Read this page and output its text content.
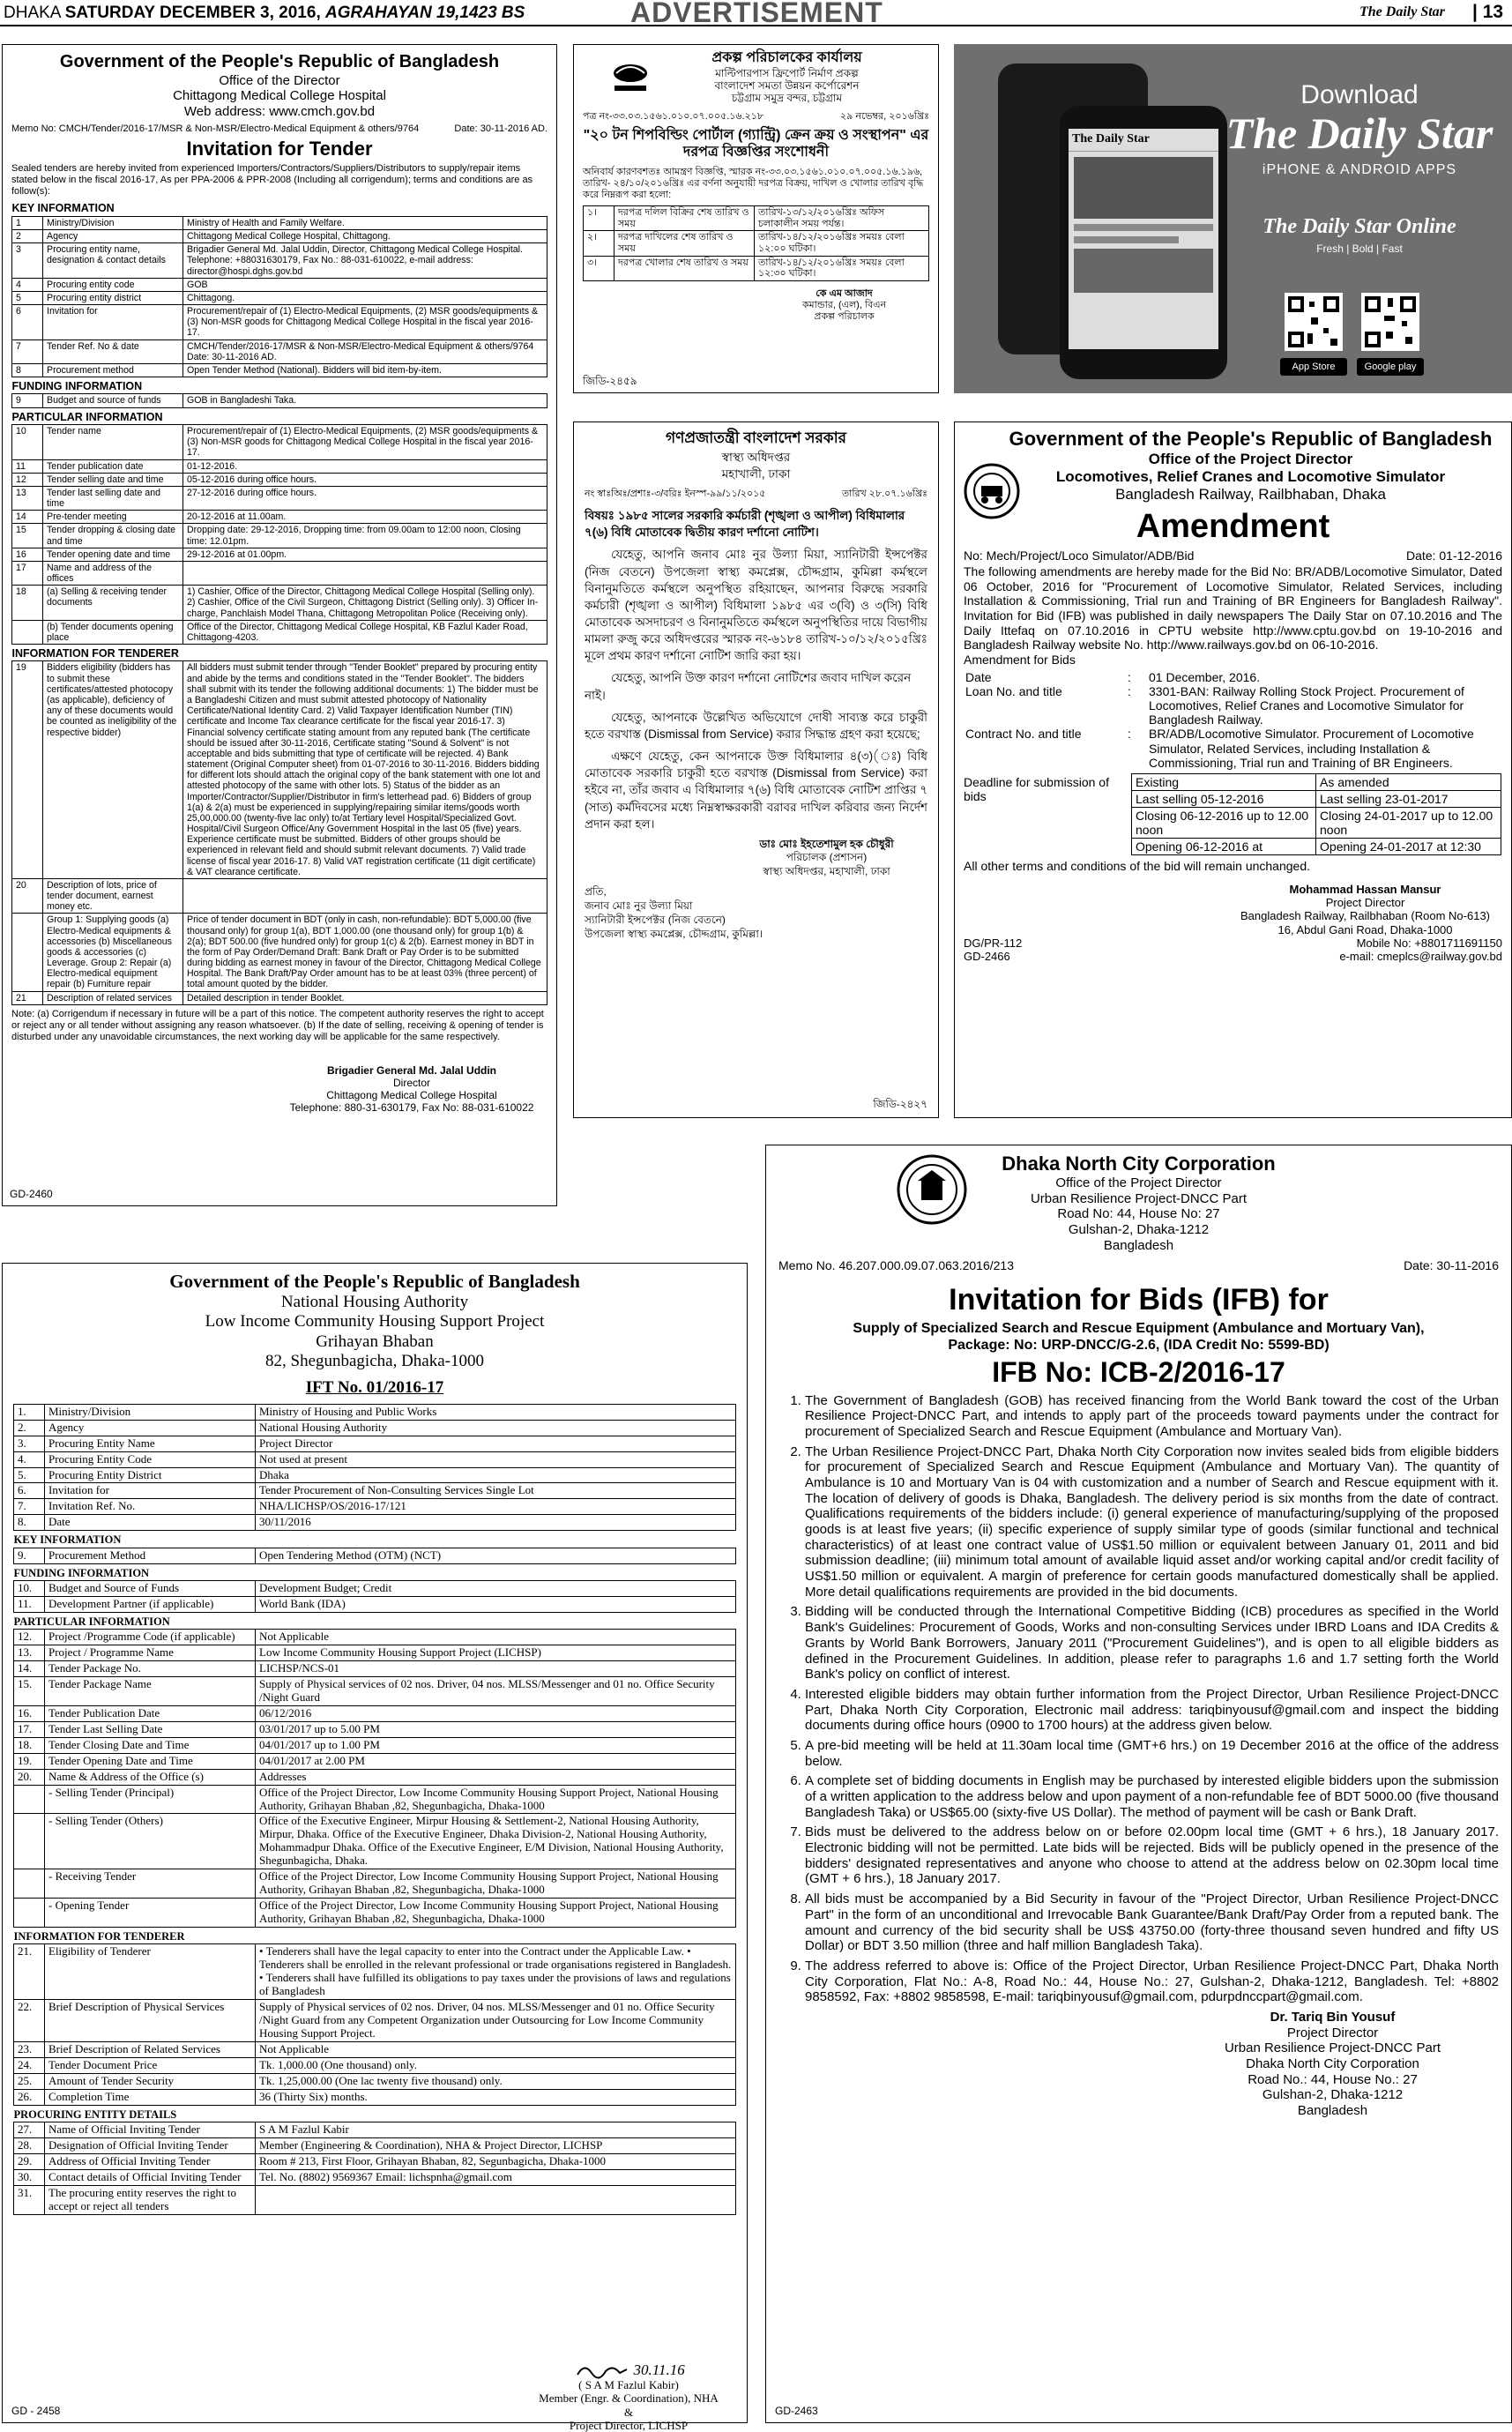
DHAKA SATURDAY DECEMBER 3, 2016, AGRAHAYAN 19,1423 BS	ADVERTISEMENT	The Daily Star | 13
Government of the People's Republic of Bangladesh
Office of the Director
Chittagong Medical College Hospital
Web address: www.cmch.gov.bd
Memo No: CMCH/Tender/2016-17/MSR & Non-MSR/Electro-Medical Equipment & others/9764	Date: 30-11-2016 AD.
Invitation for Tender
Sealed tenders are hereby invited from experienced Importers/Contractors/Suppliers/Distributors to supply/repair items stated below in the fiscal 2016-17, As per PPA-2006 & PPR-2008 (Including all corrigendum); terms and conditions are as follow(s):
KEY INFORMATION		
1	Ministry/Division	Ministry of Health and Family Welfare.
2	Agency	Chittagong Medical College Hospital, Chittagong.
3	Procuring entity name, designation & contact details	Brigadier General Md. Jalal Uddin, Director, Chittagong Medical College Hospital. Telephone: +88031630179, Fax No.: 88-031-610022, e-mail address: director@hospi.dghs.gov.bd
4	Procuring entity code	GOB
5	Procuring entity district	Chittagong.
6	Invitation for	Procurement/repair of (1) Electro-Medical Equipments, (2) MSR goods/equipments & (3) Non-MSR goods for Chittagong Medical College Hospital in the fiscal year 2016-17.
7	Tender Ref. No & date	CMCH/Tender/2016-17/MSR & Non-MSR/Electro-Medical Equipment & others/9764 Date: 30-11-2016 AD.
8	Procurement method	Open Tender Method (National). Bidders will bid item-by-item.
FUNDING INFORMATION		
9	Budget and source of funds	GOB in Bangladeshi Taka.
PARTICULAR INFORMATION		
10	Tender name	Procurement/repair of (1) Electro-Medical Equipments, (2) MSR goods/equipments & (3) Non-MSR goods for Chittagong Medical College Hospital in the fiscal year 2016-17.
11	Tender publication date	01-12-2016.
12	Tender selling date and time	05-12-2016 during office hours.
13	Tender last selling date and time	27-12-2016 during office hours.
14	Pre-tender meeting	20-12-2016 at 11.00am.
15	Tender dropping & closing date and time	Dropping date: 29-12-2016, Dropping time: from 09.00am to 12:00 noon, Closing time: 12.01pm.
16	Tender opening date and time	29-12-2016 at 01.00pm.
17	Name and address of the offices	
18	(a) Selling & receiving tender documents	1) Cashier, Office of the Director, Chittagong Medical College Hospital (Selling only). 2) Cashier, Office of the Civil Surgeon, Chittagong District (Selling only). 3) Officer In-charge, Panchlaish Model Thana, Chittagong Metropolitan Police (Receiving only).
	(b) Tender documents opening place	Office of the Director, Chittagong Medical College Hospital, KB Fazlul Kader Road, Chittagong-4203.
INFORMATION FOR TENDERER		
19	Bidders eligibility (bidders has to submit these certificates/attested photocopy (as applicable), deficiency of any of these documents would be counted as ineligibility of the respective bidder)	All bidders must submit tender through "Tender Booklet" prepared by procuring entity and abide by the terms and conditions stated in the "Tender Booklet". The bidders shall submit with its tender the following additional documents: 1) The bidder must be a Bangladeshi Citizen and must submit attested photocopy of Nationality Certificate/National Identity Card. 2) Valid Taxpayer Identification Number (TIN) certificate and Income Tax clearance certificate for the fiscal year 2016-17. 3) Financial solvency certificate stating amount from any reputed bank (The certificate should be issued after 30-11-2016, Certificate stating "Sound & Solvent" is not acceptable and bids submitting that type of certificate will be rejected. 4) Bank statement (Original Computer sheet) from 01-07-2016 to 30-11-2016. Bidders bidding for different lots should attach the original copy of the bank statement with one lot and attested photocopy of the same with other lots. 5) Status of the bidder as an Importer/Contractor/Supplier/Distributor in firm's letterhead pad. 6) Bidders of group 1(a) & 2(a) must be experienced in supplying/repairing similar items/goods worth 25,00,000.00 (twenty-five lac only) to/at Tertiary level Hospital/Specialized Govt. Hospital/Civil Surgeon Office/Any Government Hospital in the last 05 (five) years. Experience certificate must be submitted. Bidders of other groups should be experienced in relevant field and should submit relevant documents. 7) Valid trade license of fiscal year 2016-17. 8) Valid VAT registration certificate (11 digit certificate) & VAT clearance certificate.
20	Description of lots, price of tender document, earnest money etc.	
	Group 1: Supplying goods (a) Electro-Medical equipments & accessories (b) Miscellaneous goods & accessories (c) Leverage. Group 2: Repair (a) Electro-medical equipment repair (b) Furniture repair	Price of tender document in BDT (only in cash, non-refundable): BDT 5,000.00 (five thousand only) for group 1(a), BDT 1,000.00 (one thousand only) for group 1(b) & 2(a); BDT 500.00 (five hundred only) for group 1(c) & 2(b). Earnest money in BDT in the form of Pay Order/Demand Draft: Bank Draft or Pay Order is to be submitted during bidding as earnest money in favour of the Director, Chittagong Medical College Hospital. The Bank Draft/Pay Order amount has to be at least 03% (three percent) of total amount quoted by the bidder.
21	Description of related services	Detailed description in tender Booklet.
Note: (a) Corrigendum if necessary in future will be a part of this notice. The competent authority reserves the right to accept or reject any or all tender without assigning any reason whatsoever. (b) If the date of selling, receiving & opening of tender is disturbed under any unavoidable circumstances, the next working day will be applicable for the same respectively.
Brigadier General Md. Jalal Uddin
Director
Chittagong Medical College Hospital
Telephone: 880-31-630179, Fax No: 88-031-610022
GD-2460
প্রকল্প পরিচালকের কার্যালয়
মাল্টিপারপাস ফ্রিপোর্ট নির্মাণ প্রকল্প
বাংলাদেশ সমতা উন্নয়ন কর্পোরেশন
চট্টগ্রাম সমুদ্র বন্দর, চট্টগ্রাম
পত্র নং-৩৩.০৩.১৫৬১.০১০.০৭.০০৫.১৬.২১৮	২৯ নভেম্বর, ২০১৬খ্রিঃ
"২০ টন শিপবিল্ডিং পোর্টাল (গ্যান্ট্রি) ক্রেন ক্রয় ও সংস্থাপন" এর দরপত্র বিজ্ঞপ্তির সংশোধনী
অনিবার্য কারণবশতঃ আমন্ত্রণ বিজ্ঞপ্তি, স্মারক নং-৩৩.০৩.১৫৬১.০১০.০৭.০০৫.১৬.১৯৬, তারিখ- ২৪/১০/২০১৬খ্রিঃ এর বর্ণনা অনুযায়ী দরপত্র বিক্রয়, দাখিল ও খোলার তারিখ বৃদ্ধি করে নিম্নরূপ করা হলো:
১।	দরপত্র দলিল বিক্রির শেষ তারিখ ও সময়	তারিখ-১৩/১২/২০১৬খ্রিঃ অফিস চলাকালীন সময় পর্যন্ত।
২।	দরপত্র দাখিলের শেষ তারিখ ও সময়	তারিখ-১৪/১২/২০১৬খ্রিঃ সময়ঃ বেলা ১২:০০ ঘটিকা।
৩।	দরপত্র খোলার শেষ তারিখ ও সময়	তারিখ-১৪/১২/২০১৬খ্রিঃ সময়ঃ বেলা ১২:৩০ ঘটিকা।
কে এম আজাদ
কমান্ডার, (এল), বিএন
প্রকল্প পরিচালক
জিডি-২৪৫৯
The Daily Star
Download
The Daily Star
iPHONE & ANDROID APPS
The Daily Star Online
Fresh | Bold | Fast
App Store	Google play
গণপ্রজাতন্ত্রী বাংলাদেশ সরকার
স্বাস্থ্য অধিদপ্তর
মহাখালী, ঢাকা
নং স্বাঃঅিঃ/প্রশাঃ-৩/বরিঃ ইনস্প-৯৯/১১/২০১৫	তারিখ ২৮.০৭.১৬খ্রিঃ

বিষয়ঃ ১৯৮৫ সালের সরকারি কর্মচারী (শৃঙ্খলা ও আপীল) বিধিমালার ৭(৬) বিধি মোতাবেক দ্বিতীয় কারণ দর্শানো নোটিশ।

যেহেতু, আপনি জনাব মোঃ নুর উল্যা মিয়া, স্যানিটারী ইন্সপেক্টর (নিজ বেতনে) উপজেলা স্বাস্থ্য কমপ্লেক্স, চৌদ্দগ্রাম, কুমিল্লা কর্মস্থলে বিনানুমতিতে কর্মস্থলে অনুপস্থিত রহিয়াছেন, আপনার বিরুদ্ধে সরকারি কর্মচারী (শৃঙ্খলা ও আপীল) বিধিমালা ১৯৮৫ এর ৩(বি) ও ৩(সি) বিধি মোতাবেক অসদাচরণ ও বিনানুমতিতে কর্মস্থলে অনুপস্থিতির দায়ে বিভাগীয় মামলা রুজু করে অধিদপ্তরের স্মারক নং-৬১৮৪ তারিখ-১০/১২/২০১৫খ্রিঃ মূলে প্রথম কারণ দর্শানো নোটিশ জারি করা হয়।

যেহেতু, আপনি উক্ত কারণ দর্শানো নোটিশের জবাব দাখিল করেন নাই।

যেহেতু, আপনাকে উল্লেখিত অভিযোগে দোষী সাব্যস্ত করে চাকুরী হতে বরখাস্ত (Dismissal from Service) করার সিদ্ধান্ত গ্রহণ করা হয়েছে;

এক্ষণে যেহেতু, কেন আপনাকে উক্ত বিধিমালার ৪(৩)(ঃ) বিধি মোতাবেক সরকারি চাকুরী হতে বরখাস্ত (Dismissal from Service) করা হইবে না, তাঁর জবাব এ বিধিমালার ৭(৬) বিধি মোতাবেক নোটিশ প্রাপ্তির ৭ (সাত) কর্মদিবসের মধ্যে নিম্নস্বাক্ষরকারী বরাবর দাখিল করিবার জন্য নির্দেশ প্রদান করা হল।

ডাঃ মোঃ ইহতেশামুল হক চৌধুরী
পরিচালক (প্রশাসন)
স্বাস্থ্য অধিদপ্তর, মহাখালী, ঢাকা
প্রতি,
জনাব মোঃ নুর উল্যা মিয়া
স্যানিটারী ইন্সপেক্টর (নিজ বেতনে)
উপজেলা স্বাস্থ্য কমপ্লেক্স, চৌদ্দগ্রাম, কুমিল্লা।
জিডি-২৪২৭
Government of the People's Republic of Bangladesh
Office of the Project Director
Locomotives, Relief Cranes and Locomotive Simulator
Bangladesh Railway, Railbhaban, Dhaka
Amendment
No: Mech/Project/Loco Simulator/ADB/Bid	Date: 01-12-2016
The following amendments are hereby made for the Bid No: BR/ADB/Locomotive Simulator, Dated 06 October, 2016 for "Procurement of Locomotive Simulator, Related Services, including Installation & Commissioning, Trial run and Training of BR Engineers for Bangladesh Railway". Invitation for Bid (IFB) was published in daily newspapers The Daily Star on 07.10.2016 and The Daily Ittefaq on 07.10.2016 in CPTU website http://www.cptu.gov.bd on 19-10-2016 and Bangladesh Railway website No. http://www.railways.gov.bd on 06-10-2016.
Amendment for Bids
Date	:	01 December, 2016.
Loan No. and title	:	3301-BAN: Railway Rolling Stock Project. Procurement of Locomotives, Relief Cranes and Locomotive Simulator for Bangladesh Railway.
Contract No. and title	:	BR/ADB/Locomotive Simulator. Procurement of Locomotive Simulator, Related Services, including Installation & Commissioning, Trial run and Training of BR Engineers.
Deadline for submission of bids
Existing	As amended
Last selling 05-12-2016	Last selling 23-01-2017
Closing 06-12-2016 up to 12.00 noon	Closing 24-01-2017 up to 12.00 noon
Opening 06-12-2016 at	Opening 24-01-2017 at 12:30
All other terms and conditions of the bid will remain unchanged.
Mohammad Hassan Mansur
Project Director
Bangladesh Railway, Railbhaban (Room No-613)
16, Abdul Gani Road, Dhaka-1000
DG/PR-112	Mobile No: +8801711691150
GD-2466	e-mail: cmeplcs@railway.gov.bd
Government of the People's Republic of Bangladesh
National Housing Authority
Low Income Community Housing Support Project
Grihayan Bhaban
82, Shegunbagicha, Dhaka-1000
IFT No. 01/2016-17
1.	Ministry/Division	Ministry of Housing and Public Works
2.	Agency	National Housing Authority
3.	Procuring Entity Name	Project Director
4.	Procuring Entity Code	Not used at present
5.	Procuring Entity District	Dhaka
6.	Invitation for	Tender Procurement of Non-Consulting Services Single Lot
7.	Invitation Ref. No.	NHA/LICHSP/OS/2016-17/121
8.	Date	30/11/2016
KEY INFORMATION		
9.	Procurement Method	Open Tendering Method (OTM) (NCT)
FUNDING INFORMATION		
10.	Budget and Source of Funds	Development Budget; Credit
11.	Development Partner (if applicable)	World Bank (IDA)
PARTICULAR INFORMATION		
12.	Project /Programme Code (if applicable)	Not Applicable
13.	Project / Programme Name	Low Income Community Housing Support Project (LICHSP)
14.	Tender Package No.	LICHSP/NCS-01
15.	Tender Package Name	Supply of Physical services of 02 nos. Driver, 04 nos. MLSS/Messenger and 01 no. Office Security /Night Guard
16.	Tender Publication Date	06/12/2016
17.	Tender Last Selling Date	03/01/2017 up to 5.00 PM
18.	Tender Closing Date and Time	04/01/2017 up to 1.00 PM
19.	Tender Opening Date and Time	04/01/2017 at 2.00 PM
20.	Name & Address of the Office (s)	Addresses
	- Selling Tender (Principal)	Office of the Project Director, Low Income Community Housing Support Project, National Housing Authority, Grihayan Bhaban ,82, Shegunbagicha, Dhaka-1000
	- Selling Tender (Others)	Office of the Executive Engineer, Mirpur Housing & Settlement-2, National Housing Authority, Mirpur, Dhaka. Office of the Executive Engineer, Dhaka Division-2, National Housing Authority, Mohammadpur Dhaka. Office of the Executive Engineer, E/M Division, National Housing Authority, Shegunbagicha, Dhaka.
	- Receiving Tender	Office of the Project Director, Low Income Community Housing Support Project, National Housing Authority, Grihayan Bhaban ,82, Shegunbagicha, Dhaka-1000
	- Opening Tender	Office of the Project Director, Low Income Community Housing Support Project, National Housing Authority, Grihayan Bhaban ,82, Shegunbagicha, Dhaka-1000
INFORMATION FOR TENDERER		
21.	Eligibility of Tenderer	• Tenderers shall have the legal capacity to enter into the Contract under the Applicable Law. • Tenderers shall be enrolled in the relevant professional or trade organisations registered in Bangladesh. • Tenderers shall have fulfilled its obligations to pay taxes under the provisions of laws and regulations of Bangladesh
22.	Brief Description of Physical Services	Supply of Physical services of 02 nos. Driver, 04 nos. MLSS/Messenger and 01 no. Office Security /Night Guard from any Competent Organization under Outsourcing for Low Income Community Housing Support Project.
23.	Brief Description of Related Services	Not Applicable
24.	Tender Document Price	Tk. 1,000.00 (One thousand) only.
25.	Amount of Tender Security	Tk. 1,25,000.00 (One lac twenty five thousand) only.
26.	Completion Time	36 (Thirty Six) months.
PROCURING ENTITY DETAILS		
27.	Name of Official Inviting Tender	S A M Fazlul Kabir
28.	Designation of Official Inviting Tender	Member (Engineering & Coordination), NHA & Project Director, LICHSP
29.	Address of Official Inviting Tender	Room # 213, First Floor, Grihayan Bhaban, 82, Segunbagicha, Dhaka-1000
30.	Contact details of Official Inviting Tender	Tel. No. (8802) 9569367 Email: lichspnha@gmail.com
31.	The procuring entity reserves the right to accept or reject all tenders	
30.11.16
( S A M Fazlul Kabir)
Member (Engr. & Coordination), NHA
&
Project Director, LICHSP
GD - 2458
Dhaka North City Corporation
Office of the Project Director
Urban Resilience Project-DNCC Part
Road No: 44, House No: 27
Gulshan-2, Dhaka-1212
Bangladesh
Memo No. 46.207.000.09.07.063.2016/213	Date: 30-11-2016
Invitation for Bids (IFB) for
Supply of Specialized Search and Rescue Equipment (Ambulance and Mortuary Van),
Package: No: URP-DNCC/G-2.6, (IDA Credit No: 5599-BD)
IFB No: ICB-2/2016-17
1. The Government of Bangladesh (GOB) has received financing from the World Bank toward the cost of the Urban Resilience Project-DNCC Part, and intends to apply part of the proceeds toward payments under the contract for procurement of Specialized Search and Rescue Equipment (Ambulance and Mortuary Van).
2. The Urban Resilience Project-DNCC Part, Dhaka North City Corporation now invites sealed bids from eligible bidders for procurement of Specialized Search and Rescue Equipment (Ambulance and Mortuary Van). The quantity of Ambulance is 10 and Mortuary Van is 04 with customization and a number of Search and Rescue equipment with it. The location of delivery of goods is Dhaka, Bangladesh. The delivery period is six months from the date of contract. Qualifications requirements of the bidders include: (i) general experience of manufacturing/supplying of the proposed goods is at least five years; (ii) specific experience of supply similar type of goods (similar functional and technical characteristics) of at least one contract value of US$1.50 million or equivalent between January 01, 2011 and bid submission deadline; (iii) minimum total amount of available liquid asset and/or working capital and/or credit facility of US$1.50 million or equivalent. A margin of preference for certain goods manufactured domestically shall be applied. More detail qualifications requirements are provided in the bid documents.
3. Bidding will be conducted through the International Competitive Bidding (ICB) procedures as specified in the World Bank's Guidelines: Procurement of Goods, Works and non-consulting Services under IBRD Loans and IDA Credits & Grants by World Bank Borrowers, January 2011 ("Procurement Guidelines"), and is open to all eligible bidders as defined in the Procurement Guidelines. In addition, please refer to paragraphs 1.6 and 1.7 setting forth the World Bank's policy on conflict of interest.
4. Interested eligible bidders may obtain further information from the Project Director, Urban Resilience Project-DNCC Part, Dhaka North City Corporation, Electronic mail address: tariqbinyousuf@gmail.com and inspect the bidding documents during office hours (0900 to 1700 hours) at the address given below.
5. A pre-bid meeting will be held at 11.30am local time (GMT+6 hrs.) on 19 December 2016 at the office of the address below.
6. A complete set of bidding documents in English may be purchased by interested eligible bidders upon the submission of a written application to the address below and upon payment of a non-refundable fee of BDT 5000.00 (five thousand Bangladesh Taka) or US$65.00 (sixty-five US Dollar). The method of payment will be cash or Bank Draft.
7. Bids must be delivered to the address below on or before 02.00pm local time (GMT + 6 hrs.), 18 January 2017. Electronic bidding will not be permitted. Late bids will be rejected. Bids will be publicly opened in the presence of the bidders' designated representatives and anyone who choose to attend at the address below on 02.30pm local time (GMT + 6 hrs.), 18 January 2017.
8. All bids must be accompanied by a Bid Security in favour of the "Project Director, Urban Resilience Project-DNCC Part" in the form of an unconditional and Irrevocable Bank Guarantee/Bank Draft/Pay Order from a reputed bank. The amount and currency of the bid security shall be US$ 43750.00 (forty-three thousand seven hundred and fifty US Dollar) or BDT 3.50 million (three and half million Bangladesh Taka).
9. The address referred to above is: Office of the Project Director, Urban Resilience Project-DNCC Part, Dhaka North City Corporation, Flat No.: A-8, Road No.: 44, House No.: 27, Gulshan-2, Dhaka-1212, Bangladesh. Tel: +8802 9858592, Fax: +8802 9858598, E-mail: tariqbinyousuf@gmail.com, pdurpdnccpart@gmail.com.
Dr. Tariq Bin Yousuf
Project Director
Urban Resilience Project-DNCC Part
Dhaka North City Corporation
Road No.: 44, House No.: 27
Gulshan-2, Dhaka-1212
Bangladesh
GD-2463
